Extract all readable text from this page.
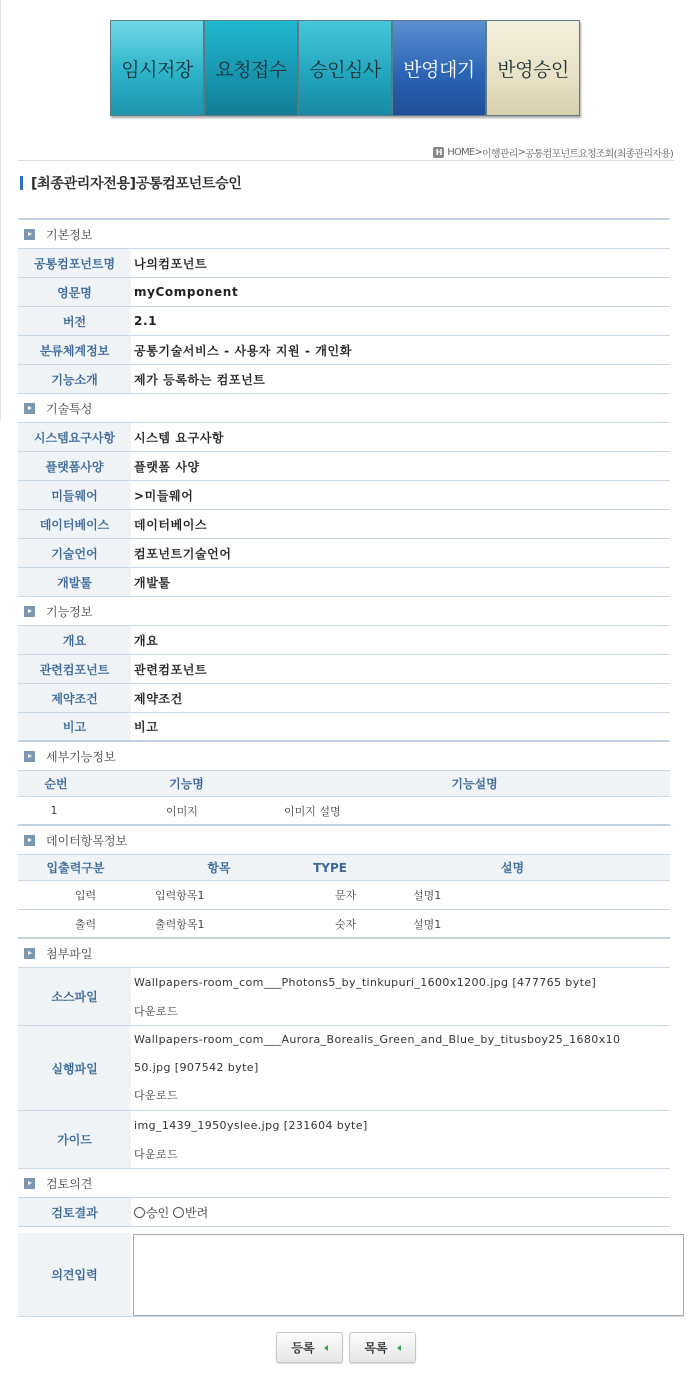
임시저장	요청접수	승인심사	반영대기	반영승인
H HOME > 이행관리 > 공통컴포넌트요청조회(최종관리자용)
[최종관리자전용]공통컴포넌트승인
기본정보
공통컴포넌트명	나의컴포넌트
영문명	myComponent
버전	2.1
분류체계정보	공통기술서비스 - 사용자 지원 - 개인화
기능소개	제가 등록하는 컴포넌트
기술특성
시스템요구사항	시스템 요구사항
플랫폼사양	플랫폼 사양
미들웨어	>미들웨어
데이터베이스	데이터베이스
기술언어	컴포넌트기술언어
개발툴	개발툴
기능정보
개요	개요
관련컴포넌트	관련컴포넌트
제약조건	제약조건
비고	비고
세부기능정보
순번	기능명	기능설명
1	이미지	이미지 설명
데이터항목정보
입출력구분	항목	TYPE	설명
입력	입력항목1	문자	설명1
출력	출력항목1	숫자	설명1
첨부파일
소스파일
Wallpapers-room_com___Photons5_by_tinkupuri_1600x1200.jpg [477765 byte]
다운로드
실행파일
Wallpapers-room_com___Aurora_Borealis_Green_and_Blue_by_titusboy25_1680x10
50.jpg [907542 byte]
다운로드
가이드
img_1439_1950yslee.jpg [231604 byte]
다운로드
검토의견
검토결과	승인 반려
의견입력
등록	목록
